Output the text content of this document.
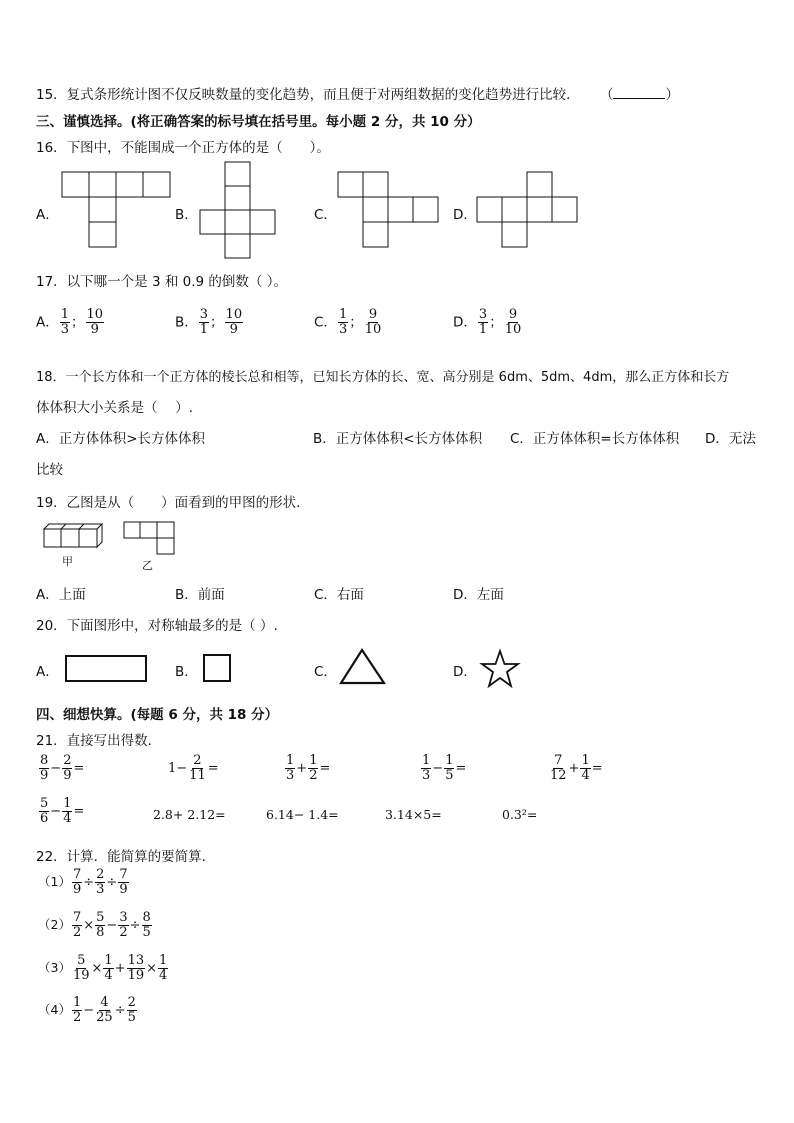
15．复式条形统计图不仅反映数量的变化趋势，而且便于对两组数据的变化趋势进行比较． （	）
三、谨慎选择。(将正确答案的标号填在括号里。每小题 2 分，共 10 分）
16．下图中，不能围成一个正方体的是（　　）。
A．	B．	C．	D．
17．以下哪一个是 3 和 0.9 的倒数（ ）。
A． $\frac{1}{3}$ ； $\frac{10}{9}$	B． $\frac{3}{1}$ ； $\frac{10}{9}$	C． $\frac{1}{3}$ ； $\frac{9}{10}$	D． $\frac{3}{1}$ ； $\frac{9}{10}$
18．一个长方体和一个正方体的棱长总和相等，已知长方体的长、宽、高分别是 6dm、5dm、4dm，那么正方体和长方
体体积大小关系是（　 ）.
A．正方体体积>长方体体积	B．正方体体积<长方体体积 C．正方体体积=长方体体积 D．无法
比较
19．乙图是从（　　）面看到的甲图的形状．
甲	乙
A．上面	B．前面	C．右面	D．左面
20．下面图形中，对称轴最多的是（ ）.
A．	B．	C．	D．
四、细想快算。(每题 6 分，共 18 分）
21．直接写出得数．
$\frac{8}{9} - \frac{2}{9}$ =	$1- \frac{2}{11}$ =	$\frac{1}{3} + \frac{1}{2}$ =	$\frac{1}{3} - \frac{1}{5}$ =	$\frac{7}{12} + \frac{1}{4}$ =
$\frac{5}{6} - \frac{1}{4}$ =	2.8+ 2.12=	6.14− 1.4=	3.14×5=	0.3²=
22．计算．能简算的要简算．
$(1) \frac{7}{9} \div \frac{2}{3} \div \frac{7}{9}$
$(2) \frac{7}{2} \times \frac{5}{8} - \frac{3}{2} \div \frac{8}{5}$
$(3) \frac{5}{19} \times \frac{1}{4} + \frac{13}{19} \times \frac{1}{4}$
$(4) \frac{1}{2} - \frac{4}{25} \div \frac{2}{5}$
